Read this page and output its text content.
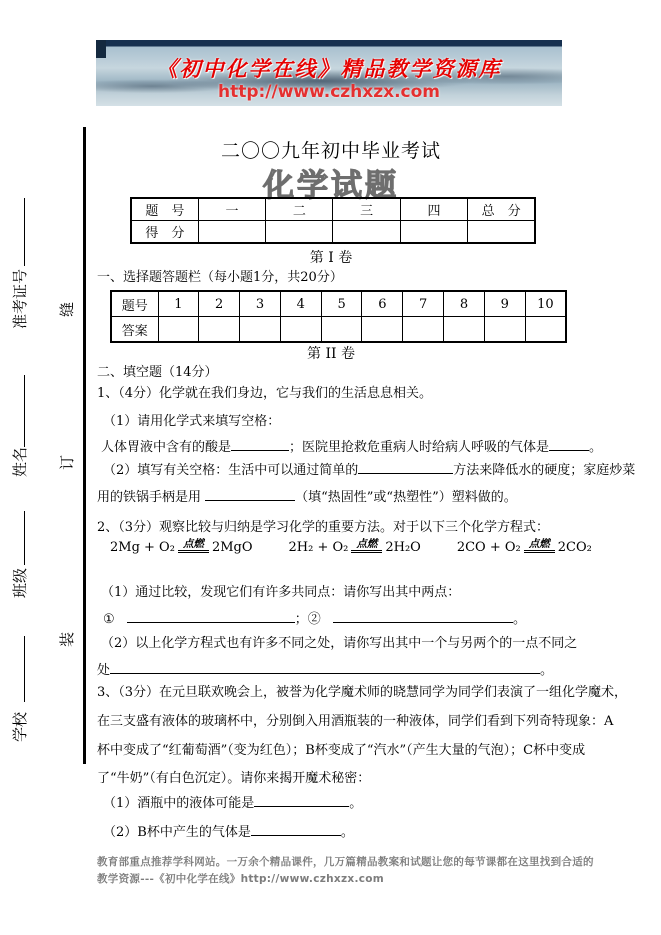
《初中化学在线》精品教学资源库
http://www.czhxzx.com
学校班级姓名准考证号
装
订
缝
二〇〇九年初中毕业考试
化学试题
题　号	一	二	三	四	总　分
得　分					
第 I 卷
一、选择题答题栏（每小题1分，共20分）
题号	1	2	3	4	5	6	7	8	9	10
答案										
第 II 卷
二、填空题（14分）
1、（4分）化学就在我们身边，它与我们的生活息息相关。
（1）请用化学式来填写空格：
人体胃液中含有的酸是	；医院里抢救危重病人时给病人呼吸的气体是	。
（2）填写有关空格：生活中可以通过简单的	方法来降低水的硬度；家庭炒菜
用的铁锅手柄是用	（填“热固性”或“热塑性”）塑料做的。
2、（3分）观察比较与归纳是学习化学的重要方法。对于以下三个化学方程式：
2Mg + O₂ 点燃 2MgO	2H₂ + O₂ 点燃 2H₂O	2CO + O₂ 点燃 2CO₂
（1）通过比较，发现它们有许多共同点：请你写出其中两点：
①	；②	。
（2）以上化学方程式也有许多不同之处，请你写出其中一个与另两个的一点不同之
处	。
3、（3分）在元旦联欢晚会上，被誉为化学魔术师的晓慧同学为同学们表演了一组化学魔术，
在三支盛有液体的玻璃杯中，分别倒入用酒瓶装的一种液体，同学们看到下列奇特现象：A
杯中变成了“红葡萄酒”（变为红色）；B杯变成了“汽水”（产生大量的气泡）；C杯中变成
了“牛奶”（有白色沉定）。请你来揭开魔术秘密：
（1）酒瓶中的液体可能是	。
（2）B杯中产生的气体是	。
教育部重点推荐学科网站。一万余个精品课件，几万篇精品教案和试题让您的每节课都在这里找到合适的
教学资源---《初中化学在线》http://www.czhxzx.com
